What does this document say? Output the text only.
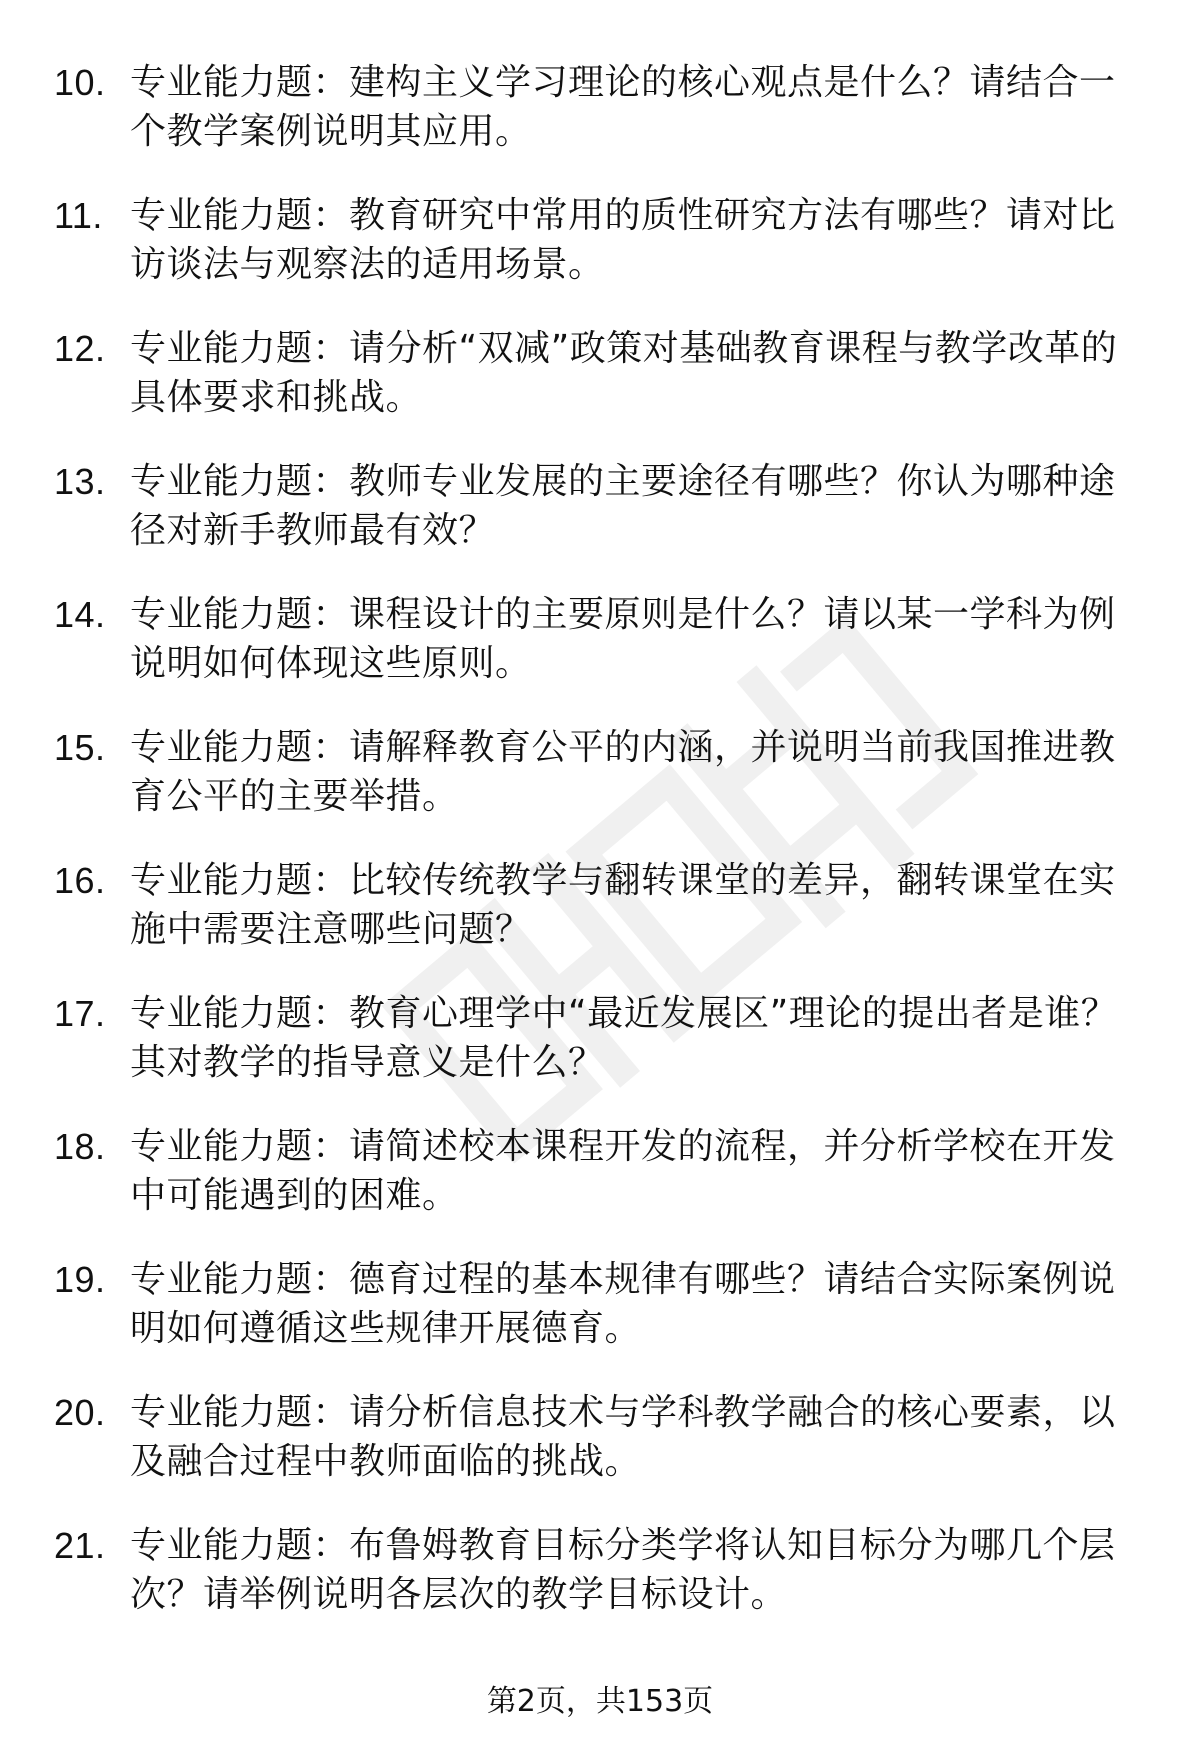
10. 专业能力题：建构主义学习理论的核心观点是什么？请结合一个教学案例说明其应用。
11. 专业能力题：教育研究中常用的质性研究方法有哪些？请对比访谈法与观察法的适用场景。
12. 专业能力题：请分析“双减”政策对基础教育课程与教学改革的具体要求和挑战。
13. 专业能力题：教师专业发展的主要途径有哪些？你认为哪种途径对新手教师最有效？
14. 专业能力题：课程设计的主要原则是什么？请以某一学科为例说明如何体现这些原则。
15. 专业能力题：请解释教育公平的内涵，并说明当前我国推进教育公平的主要举措。
16. 专业能力题：比较传统教学与翻转课堂的差异，翻转课堂在实施中需要注意哪些问题？
17. 专业能力题：教育心理学中“最近发展区”理论的提出者是谁？其对教学的指导意义是什么？
18. 专业能力题：请简述校本课程开发的流程，并分析学校在开发中可能遇到的困难。
19. 专业能力题：德育过程的基本规律有哪些？请结合实际案例说明如何遵循这些规律开展德育。
20. 专业能力题：请分析信息技术与学科教学融合的核心要素，以及融合过程中教师面临的挑战。
21. 专业能力题：布鲁姆教育目标分类学将认知目标分为哪几个层次？请举例说明各层次的教学目标设计。
第2页，共153页
